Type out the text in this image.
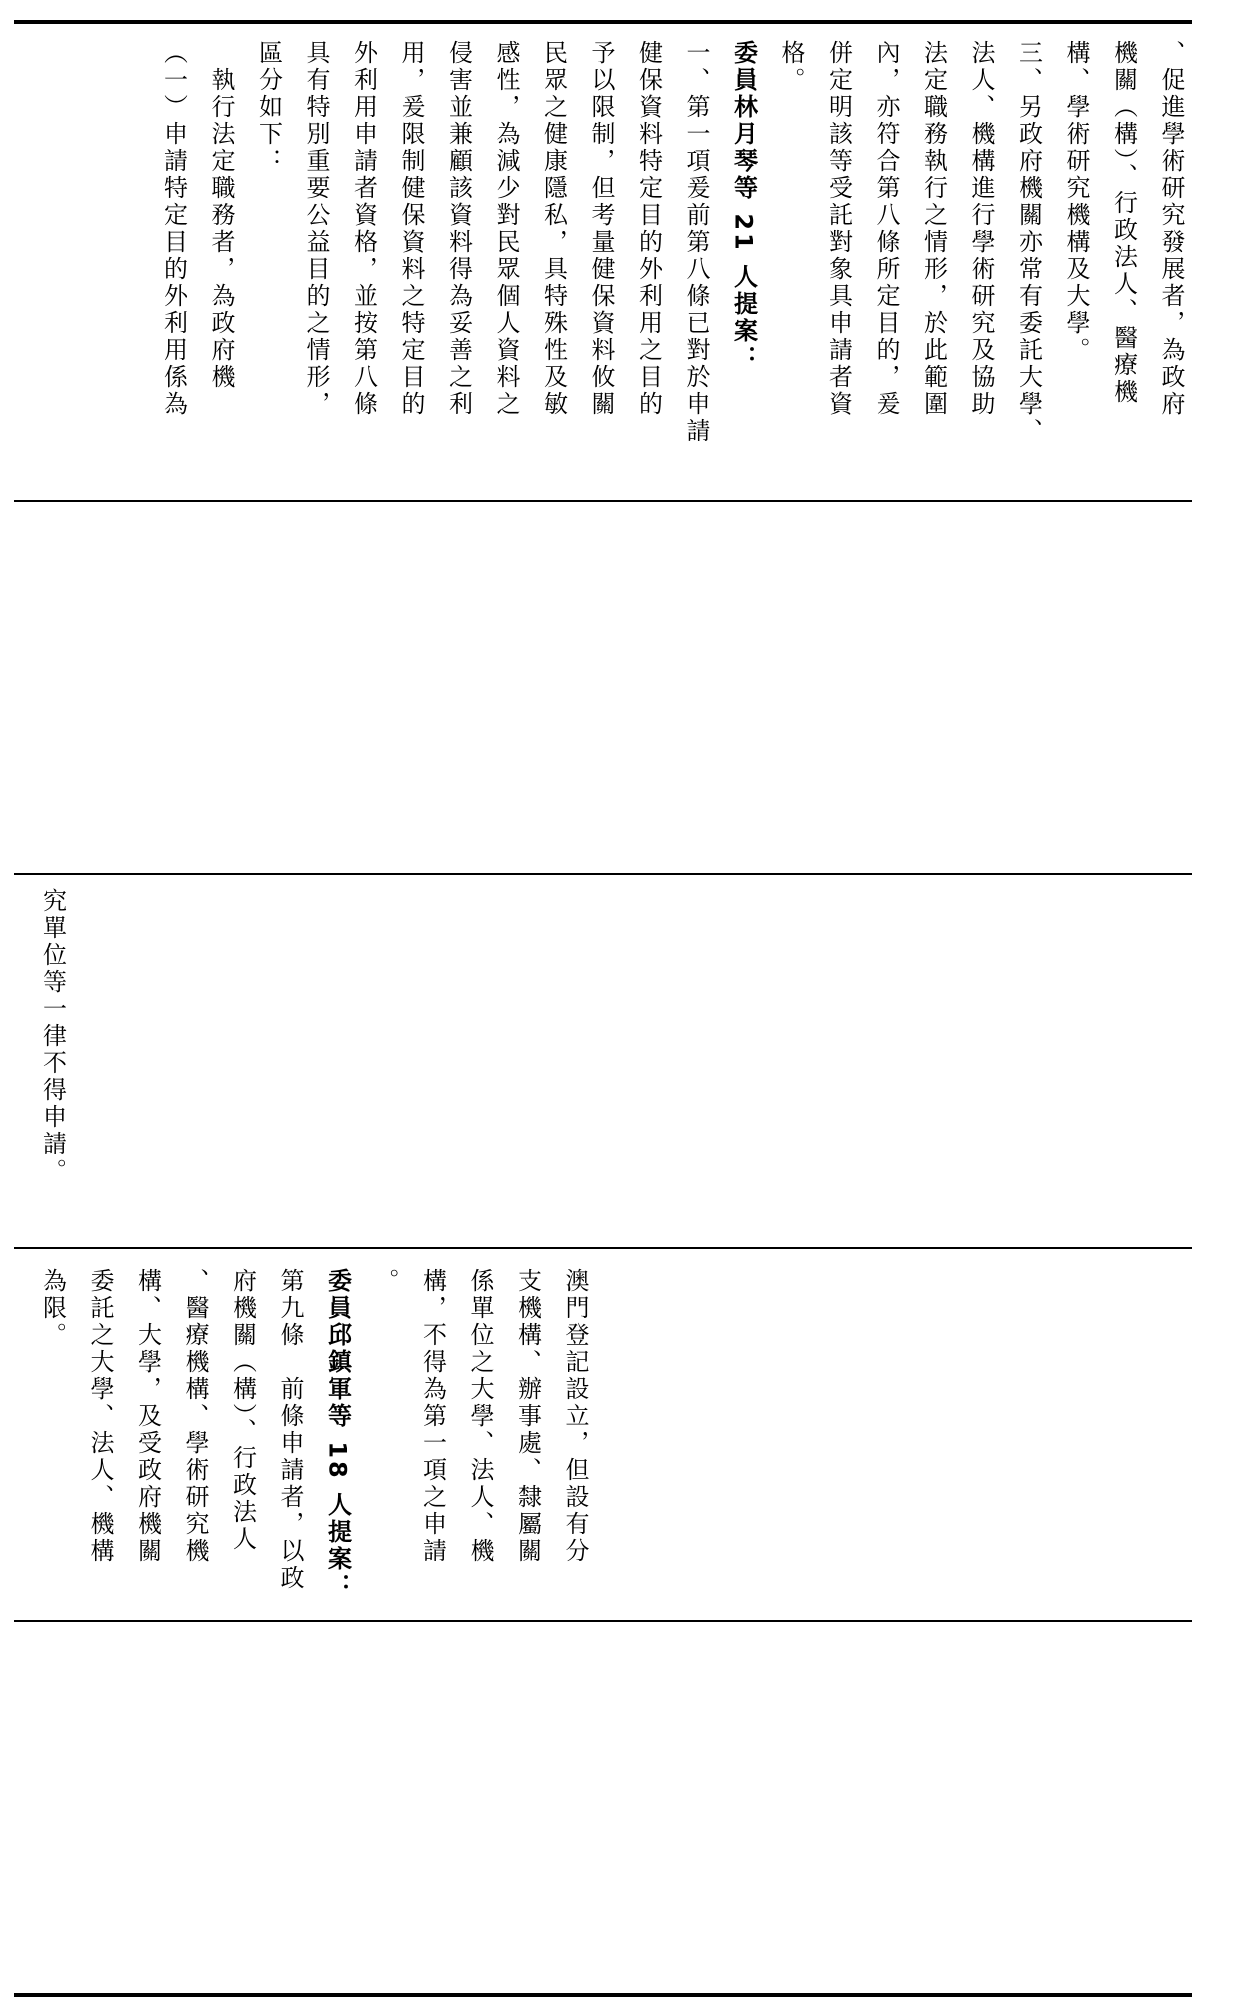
、促進學術研究發展者，為政府

機關（構）、行政法人、醫療機

構、學術研究機構及大學。

三、另政府機關亦常有委託大學、

法人、機構進行學術研究及協助

法定職務執行之情形，於此範圍

內，亦符合第八條所定目的，爰

併定明該等受託對象具申請者資

格。

委員林月琴等 21 人提案：

一、第一項爰前第八條已對於申請

健保資料特定目的外利用之目的

予以限制，但考量健保資料攸關

民眾之健康隱私，具特殊性及敏

感性，為減少對民眾個人資料之

侵害並兼顧該資料得為妥善之利

用，爰限制健保資料之特定目的

外利用申請者資格，並按第八條

具有特別重要公益目的之情形，

區分如下：

　執行法定職務者，為政府機

（一）申請特定目的外利用係為

究單位等一律不得申請。

澳門登記設立，但設有分

支機構、辦事處、隸屬關

係單位之大學、法人、機

構，不得為第一項之申請

。

委員邱鎮軍等 18 人提案：

第九條　前條申請者，以政

府機關（構）、行政法人

、醫療機構、學術研究機

構、大學，及受政府機關

委託之大學、法人、機構

為限。
